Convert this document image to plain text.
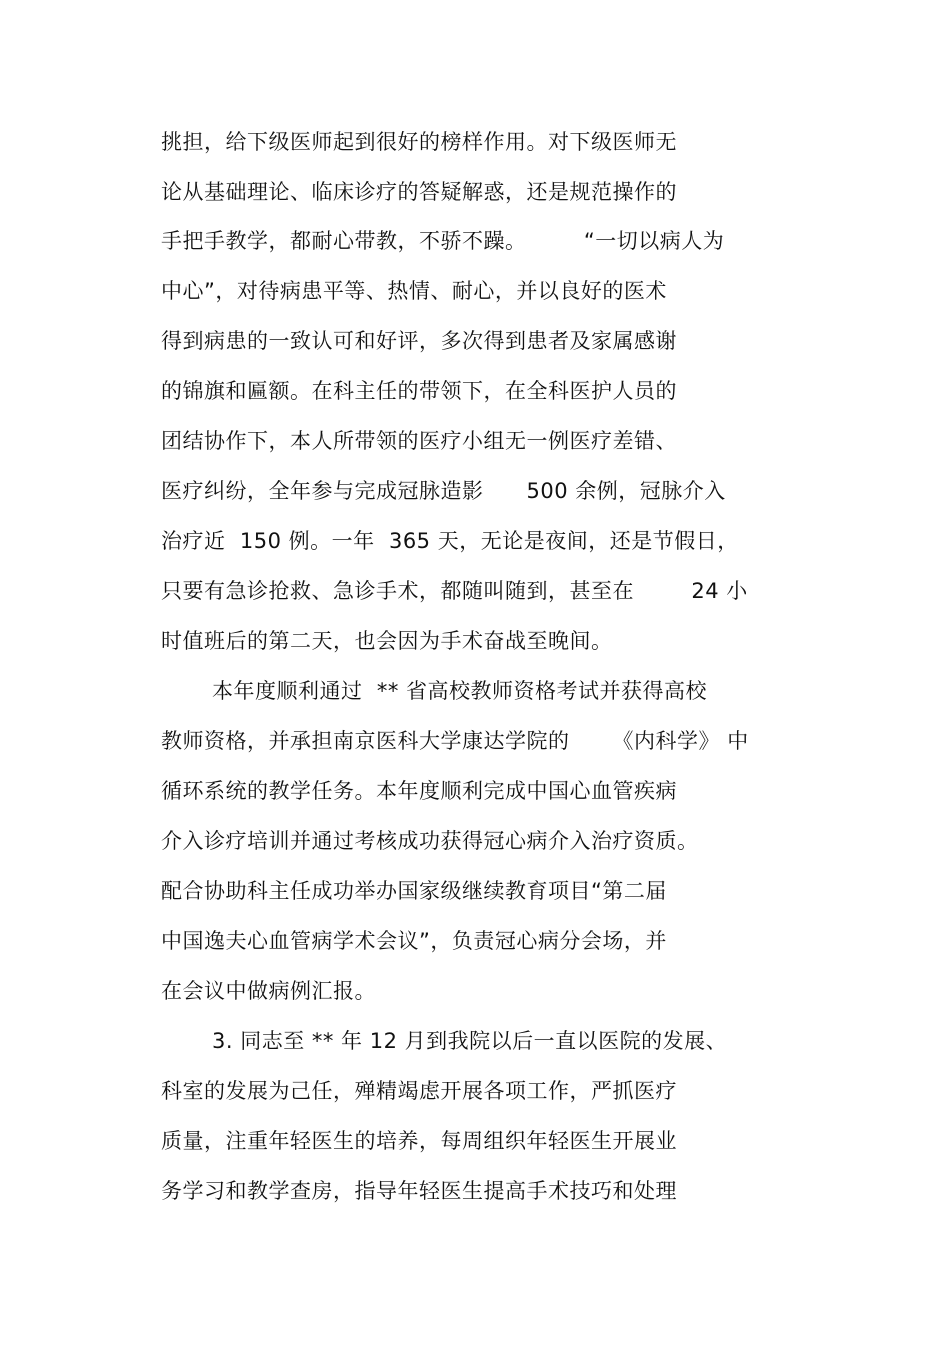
挑担，给下级医师起到很好的榜样作用。对下级医师无
论从基础理论、临床诊疗的答疑解惑，还是规范操作的
手把手教学，都耐心带教，不骄不躁。        “一切以病人为
中心”，对待病患平等、热情、耐心，并以良好的医术
得到病患的一致认可和好评，多次得到患者及家属感谢
的锦旗和匾额。在科主任的带领下，在全科医护人员的
团结协作下，本人所带领的医疗小组无一例医疗差错、
医疗纠纷，全年参与完成冠脉造影      500 余例，冠脉介入
治疗近  150 例。一年  365 天，无论是夜间，还是节假日，
只要有急诊抢救、急诊手术，都随叫随到，甚至在        24 小
时值班后的第二天，也会因为手术奋战至晚间。
本年度顺利通过  ** 省高校教师资格考试并获得高校
教师资格，并承担南京医科大学康达学院的      《内科学》 中
循环系统的教学任务。本年度顺利完成中国心血管疾病
介入诊疗培训并通过考核成功获得冠心病介入治疗资质。
配合协助科主任成功举办国家级继续教育项目“第二届
中国逸夫心血管病学术会议”，负责冠心病分会场，并
在会议中做病例汇报。
3. 同志至 ** 年 12 月到我院以后一直以医院的发展、
科室的发展为己任，殚精竭虑开展各项工作，严抓医疗
质量，注重年轻医生的培养，每周组织年轻医生开展业
务学习和教学查房，指导年轻医生提高手术技巧和处理
